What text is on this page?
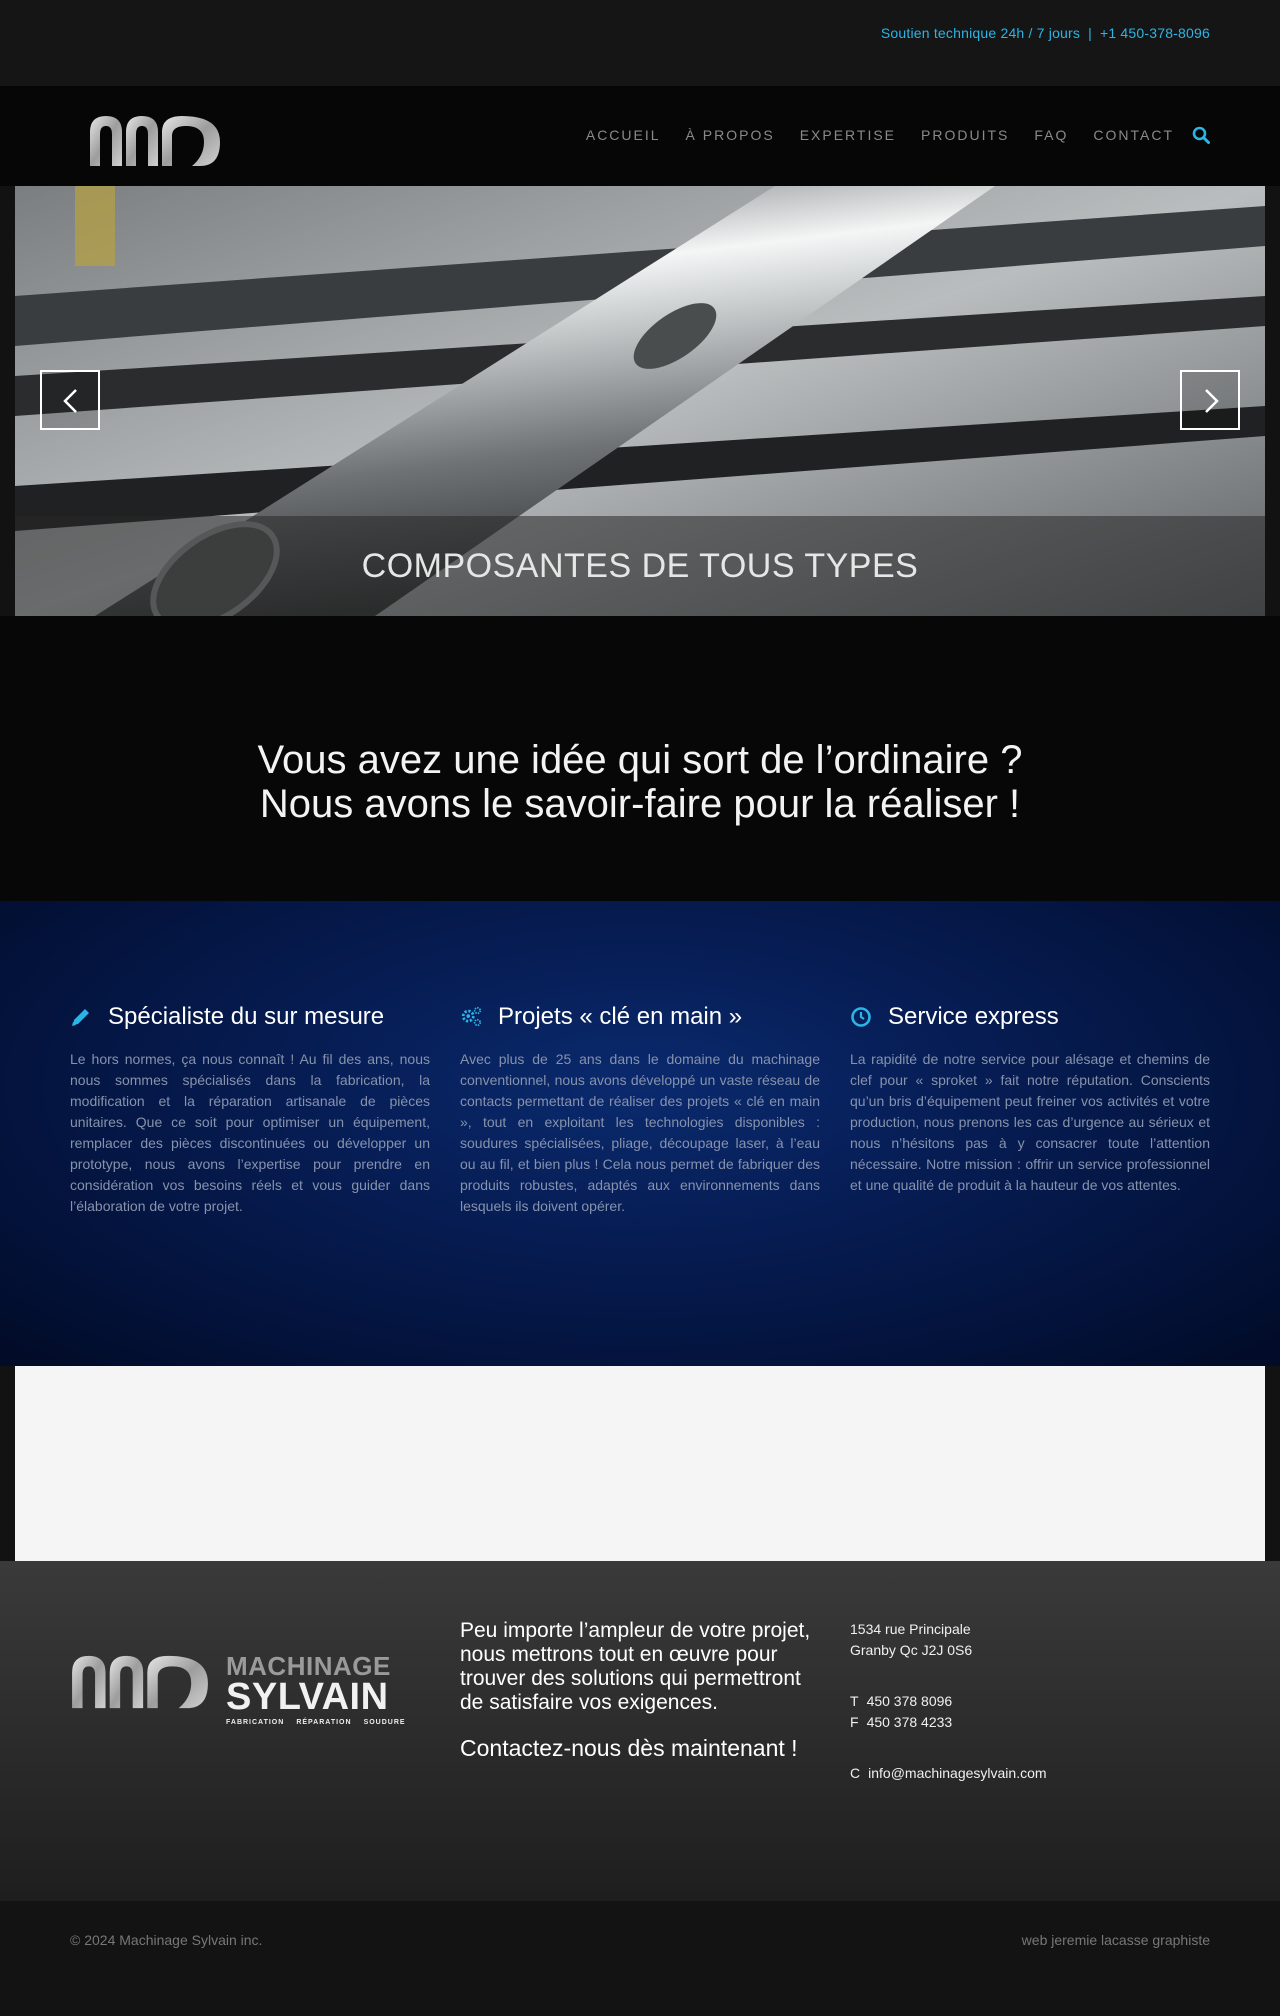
Soutien technique 24h / 7 jours | +1 450-378-8096
ACCUEIL À PROPOS EXPERTISE PRODUITS FAQ CONTACT
COMPOSANTES DE TOUS TYPES
Vous avez une idée qui sort de l’ordinaire ?
Nous avons le savoir-faire pour la réaliser !
Spécialiste du sur mesure

Le hors normes, ça nous connaît ! Au fil des ans, nous nous sommes spécialisés dans la fabrication, la modification et la réparation artisanale de pièces unitaires. Que ce soit pour optimiser un équipement, remplacer des pièces discontinuées ou développer un prototype, nous avons l’expertise pour prendre en considération vos besoins réels et vous guider dans l’élaboration de votre projet.

Projets « clé en main »

Avec plus de 25 ans dans le domaine du machinage conventionnel, nous avons développé un vaste réseau de contacts permettant de réaliser des projets « clé en main », tout en exploitant les technologies disponibles : soudures spécialisées, pliage, découpage laser, à l’eau ou au fil, et bien plus ! Cela nous permet de fabriquer des produits robustes, adaptés aux environnements dans lesquels ils doivent opérer.

Service express

La rapidité de notre service pour alésage et chemins de clef pour « sproket » fait notre réputation. Conscients qu’un bris d’équipement peut freiner vos activités et votre production, nous prenons les cas d’urgence au sérieux et nous n’hésitons pas à y consacrer toute l’attention nécessaire. Notre mission : offrir un service professionnel et une qualité de produit à la hauteur de vos attentes.

MACHINAGE
SYLVAIN
FABRICATION RÉPARATION SOUDURE
Peu importe l’ampleur de votre projet, nous mettrons tout en œuvre pour trouver des solutions qui permettront de satisfaire vos exigences.
Contactez-nous dès maintenant !
1534 rue Principale
Granby Qc J2J 0S6
T 450 378 8096
F 450 378 4233
C info@machinagesylvain.com
© 2024 Machinage Sylvain inc.	web jeremie lacasse graphiste
